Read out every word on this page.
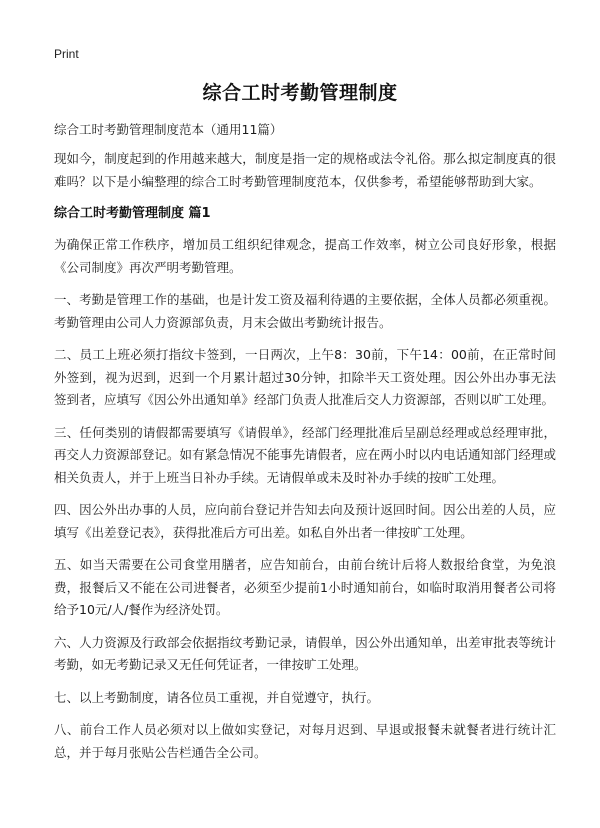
Print
综合工时考勤管理制度

综合工时考勤管理制度范本（通用11篇）

现如今，制度起到的作用越来越大，制度是指一定的规格或法令礼俗。那么拟定制度真的很难吗？以下是小编整理的综合工时考勤管理制度范本，仅供参考，希望能够帮助到大家。

综合工时考勤管理制度 篇1

为确保正常工作秩序，增加员工组织纪律观念，提高工作效率，树立公司良好形象，根据《公司制度》再次严明考勤管理。

一、考勤是管理工作的基础，也是计发工资及福利待遇的主要依据，全体人员都必须重视。考勤管理由公司人力资源部负责，月末会做出考勤统计报告。

二、员工上班必须打指纹卡签到，一日两次，上午8：30前，下午14：00前，在正常时间外签到，视为迟到，迟到一个月累计超过30分钟，扣除半天工资处理。因公外出办事无法签到者，应填写《因公外出通知单》经部门负责人批准后交人力资源部，否则以旷工处理。

三、任何类别的请假都需要填写《请假单》，经部门经理批准后呈副总经理或总经理审批，再交人力资源部登记。如有紧急情况不能事先请假者，应在两小时以内电话通知部门经理或相关负责人，并于上班当日补办手续。无请假单或未及时补办手续的按旷工处理。

四、因公外出办事的人员，应向前台登记并告知去向及预计返回时间。因公出差的人员，应填写《出差登记表》，获得批准后方可出差。如私自外出者一律按旷工处理。

五、如当天需要在公司食堂用膳者，应告知前台，由前台统计后将人数报给食堂，为免浪费，报餐后又不能在公司进餐者，必须至少提前1小时通知前台，如临时取消用餐者公司将给予10元/人/餐作为经济处罚。

六、人力资源及行政部会依据指纹考勤记录，请假单，因公外出通知单，出差审批表等统计考勤，如无考勤记录又无任何凭证者，一律按旷工处理。

七、以上考勤制度，请各位员工重视，并自觉遵守，执行。

八、前台工作人员必须对以上做如实登记，对每月迟到、早退或报餐未就餐者进行统计汇总，并于每月张贴公告栏通告全公司。
